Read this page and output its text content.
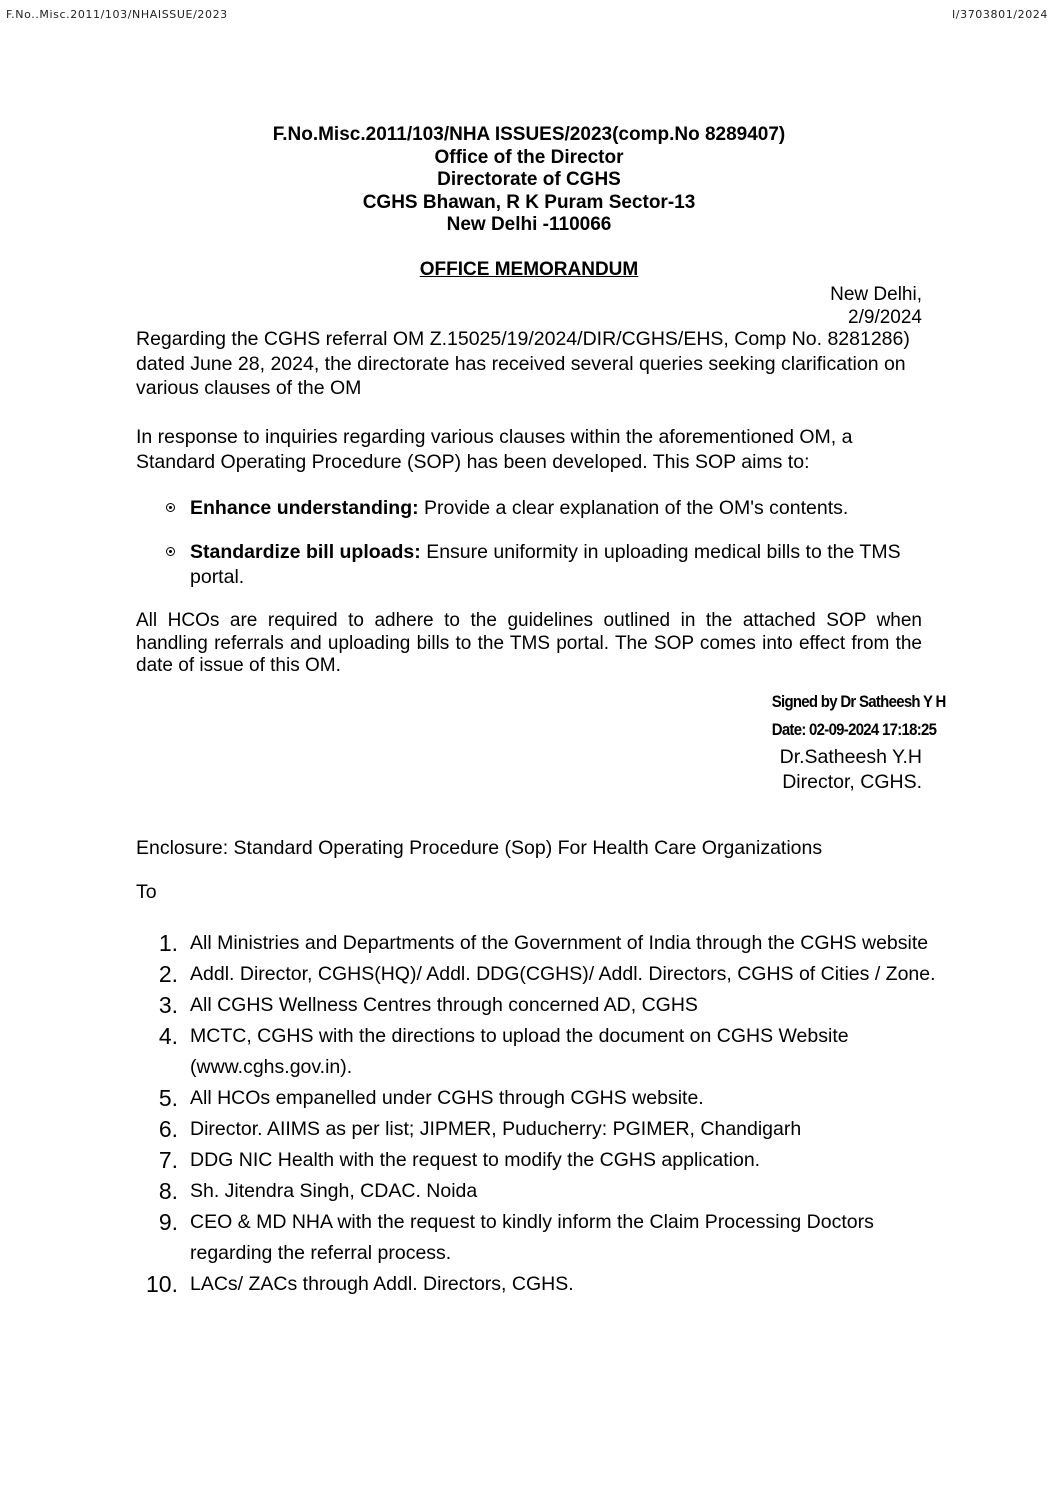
F.No..Misc.2011/103/NHAISSUE/2023	I/3703801/2024
F.No.Misc.2011/103/NHA ISSUES/2023(comp.No 8289407)
Office of the Director
Directorate of CGHS
CGHS Bhawan, R K Puram Sector-13
New Delhi -110066
OFFICE MEMORANDUM
New Delhi,
2/9/2024
Regarding the CGHS referral OM Z.15025/19/2024/DIR/CGHS/EHS, Comp No. 8281286) dated June 28, 2024, the directorate has received several queries seeking clarification on various clauses of the OM
In response to inquiries regarding various clauses within the aforementioned OM, a Standard Operating Procedure (SOP) has been developed. This SOP aims to:
Enhance understanding: Provide a clear explanation of the OM's contents.
Standardize bill uploads: Ensure uniformity in uploading medical bills to the TMS portal.
All HCOs are required to adhere to the guidelines outlined in the attached SOP when handling referrals and uploading bills to the TMS portal. The SOP comes into effect from the date of issue of this OM.
Signed by Dr Satheesh Y H
Date: 02-09-2024 17:18:25
Dr.Satheesh Y.H
Director, CGHS.
Enclosure: Standard Operating Procedure (Sop) For Health Care Organizations
To
1. All Ministries and Departments of the Government of India through the CGHS website
2. Addl. Director, CGHS(HQ)/ Addl. DDG(CGHS)/ Addl. Directors, CGHS of Cities / Zone.
3. All CGHS Wellness Centres through concerned AD, CGHS
4. MCTC, CGHS with the directions to upload the document on CGHS Website (www.cghs.gov.in).
5. All HCOs empanelled under CGHS through CGHS website.
6. Director. AIIMS as per list; JIPMER, Puducherry: PGIMER, Chandigarh
7. DDG NIC Health with the request to modify the CGHS application.
8. Sh. Jitendra Singh, CDAC. Noida
9. CEO & MD NHA with the request to kindly inform the Claim Processing Doctors regarding the referral process.
10. LACs/ ZACs through Addl. Directors, CGHS.
